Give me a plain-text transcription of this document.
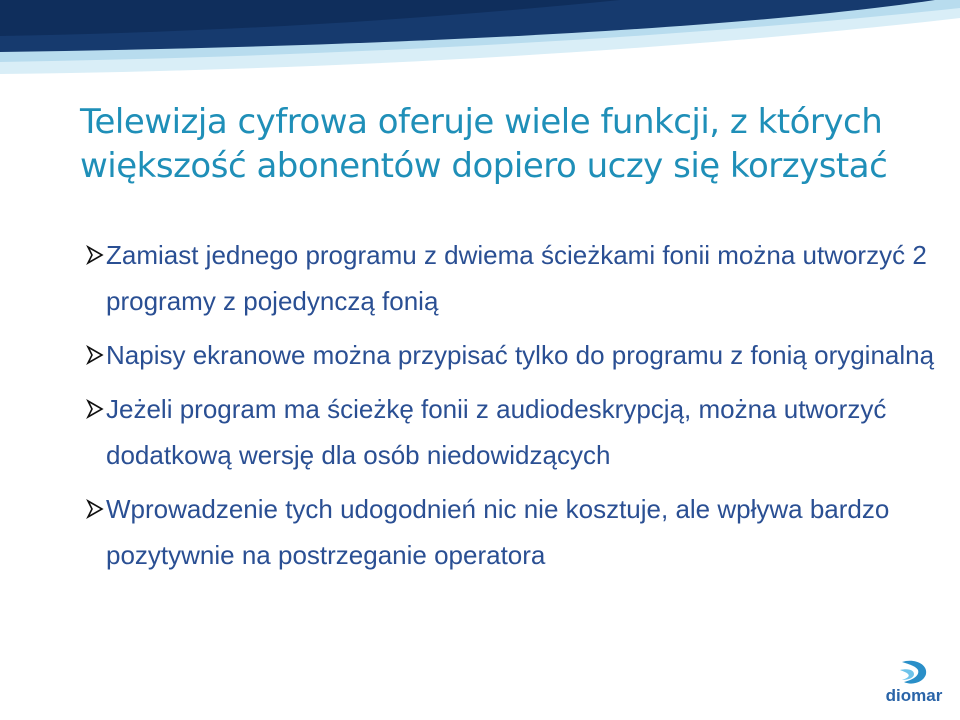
Telewizja cyfrowa oferuje wiele funkcji, z których większość abonentów dopiero uczy się korzystać
Zamiast jednego programu z dwiema ścieżkami fonii można utworzyć 2 programy z pojedynczą fonią
Napisy ekranowe można przypisać tylko do programu z fonią oryginalną
Jeżeli program ma ścieżkę fonii z audiodeskrypcją, można utworzyć dodatkową wersję dla osób niedowidzących
Wprowadzenie tych udogodnień nic nie kosztuje, ale wpływa bardzo pozytywnie na postrzeganie operatora
diomar
